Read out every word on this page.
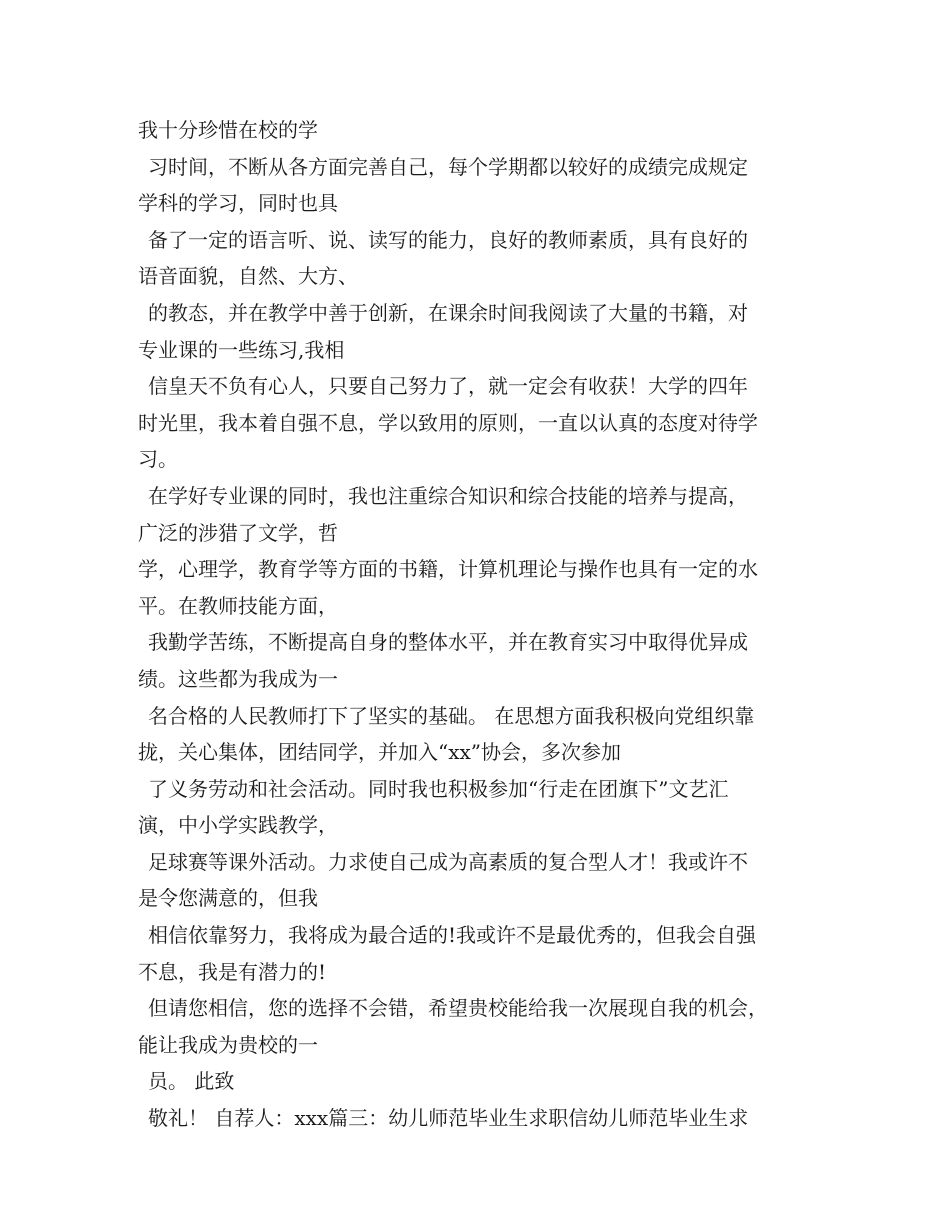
我十分珍惜在校的学
习时间，不断从各方面完善自己，每个学期都以较好的成绩完成规定
学科的学习，同时也具
备了一定的语言听、说、读写的能力，良好的教师素质，具有良好的
语音面貌，自然、大方、
的教态，并在教学中善于创新，在课余时间我阅读了大量的书籍，对
专业课的一些练习,我相
信皇天不负有心人，只要自己努力了，就一定会有收获！大学的四年
时光里，我本着自强不息，学以致用的原则，一直以认真的态度对待学
习。
在学好专业课的同时，我也注重综合知识和综合技能的培养与提高，
广泛的涉猎了文学，哲
学，心理学，教育学等方面的书籍，计算机理论与操作也具有一定的水
平。在教师技能方面，
我勤学苦练，不断提高自身的整体水平，并在教育实习中取得优异成
绩。这些都为我成为一
名合格的人民教师打下了坚实的基础。 在思想方面我积极向党组织靠
拢，关心集体，团结同学，并加入“xx”协会，多次参加
了义务劳动和社会活动。同时我也积极参加“行走在团旗下”文艺汇
演，中小学实践教学，
足球赛等课外活动。力求使自己成为高素质的复合型人才！我或许不
是令您满意的，但我
相信依靠努力，我将成为最合适的!我或许不是最优秀的，但我会自强
不息，我是有潜力的!
但请您相信，您的选择不会错，希望贵校能给我一次展现自我的机会，
能让我成为贵校的一
员。 此致
敬礼！ 自荐人：xxx篇三：幼儿师范毕业生求职信幼儿师范毕业生求
